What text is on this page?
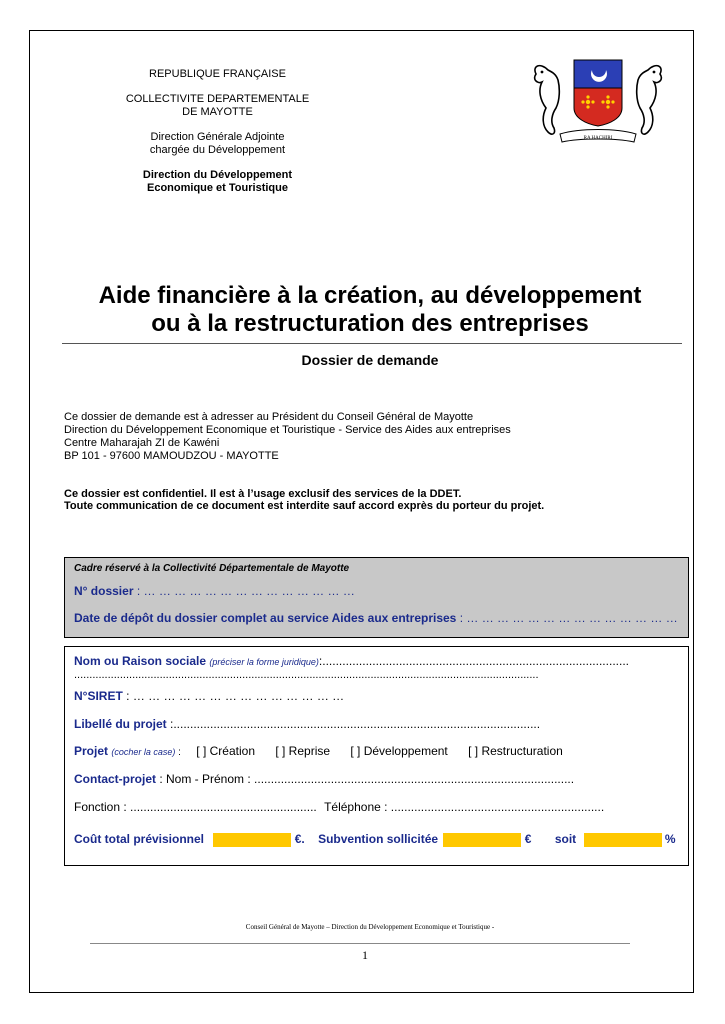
REPUBLIQUE FRANÇAISE
COLLECTIVITE DEPARTEMENTALE
DE MAYOTTE
Direction Générale Adjointe
chargée du Développement
Direction du Développement
Economique et Touristique
RA HACHIRI
Aide financière à la création, au développement
ou à la restructuration des entreprises
Dossier de demande
Ce dossier de demande est à adresser au Président du Conseil Général de Mayotte
Direction du Développement Economique et Touristique - Service des Aides aux entreprises
Centre Maharajah ZI de Kawéni
BP 101 - 97600 MAMOUDZOU - MAYOTTE
Ce dossier est confidentiel. Il est à l’usage exclusif des services de la DDET.
Toute communication de ce document est interdite sauf accord exprès du porteur du projet.
Cadre réservé à la Collectivité Départementale de Mayotte
N° dossier : … … … … … … … … … … … … … …
Date de dépôt du dossier complet au service Aides aux entreprises : … … … … … … … … … … … … … …
Nom ou Raison sociale (préciser la forme juridique):............................................................................................
........................................................................................................................................................
N°SIRET : … … … … … … … … … … … … … …
Libellé du projet :..............................................................................................................
Projet (cocher la case) : [ ] Création [ ] Reprise [ ] Développement [ ] Restructuration
Contact-projet : Nom - Prénom : ................................................................................................
Fonction : ........................................................ Téléphone : ................................................................
Coût total prévisionnel	€. Subvention sollicitée	€ soit	%
Conseil Général de Mayotte – Direction du Développement Economique et Touristique -
1
